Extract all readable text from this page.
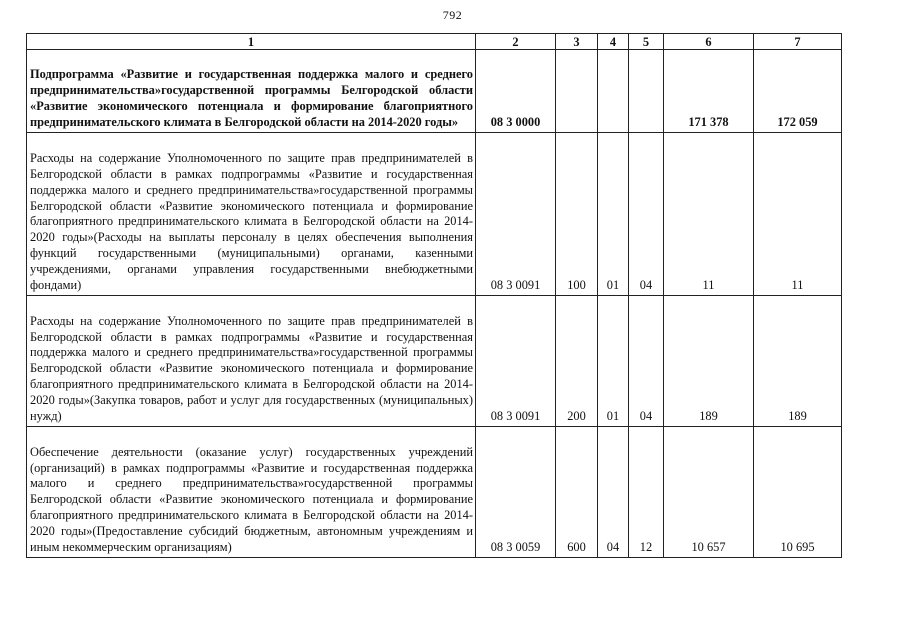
792
1	2	3	4	5	6	7
Подпрограмма «Развитие и государственная поддержка малого и среднего предпринимательства»государственной программы Белгородской области «Развитие экономического потенциала и формирование благоприятного предпринимательского климата в Белгородской области на 2014-2020 годы»	08 3 0000				171 378	172 059
Расходы на содержание Уполномоченного по защите прав предпринимателей в Белгородской области в рамках подпрограммы «Развитие и государственная поддержка малого и среднего предпринимательства»государственной программы Белгородской области «Развитие экономического потенциала и формирование благоприятного предпринимательского климата в Белгородской области на 2014-2020 годы»(Расходы на выплаты персоналу в целях обеспечения выполнения функций государственными (муниципальными) органами, казенными учреждениями, органами управления государственными внебюджетными фондами)	08 3 0091	100	01	04	11	11
Расходы на содержание Уполномоченного по защите прав предпринимателей в Белгородской области в рамках подпрограммы «Развитие и государственная поддержка малого и среднего предпринимательства»государственной программы Белгородской области «Развитие экономического потенциала и формирование благоприятного предпринимательского климата в Белгородской области на 2014-2020 годы»(Закупка товаров, работ и услуг для государственных (муниципальных) нужд)	08 3 0091	200	01	04	189	189
Обеспечение деятельности (оказание услуг) государственных учреждений (организаций) в рамках подпрограммы «Развитие и государственная поддержка малого и среднего предпринимательства»государственной программы Белгородской области «Развитие экономического потенциала и формирование благоприятного предпринимательского климата в Белгородской области на 2014-2020 годы»(Предоставление субсидий бюджетным, автономным учреждениям и иным некоммерческим организациям)	08 3 0059	600	04	12	10 657	10 695
